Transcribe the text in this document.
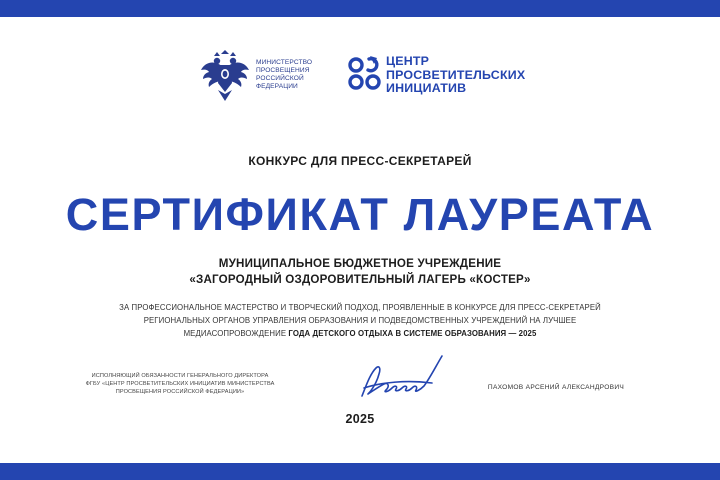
МИНИСТЕРСТВО
ПРОСВЕЩЕНИЯ
РОССИЙСКОЙ
ФЕДЕРАЦИИ
ЦЕНТР
ПРОСВЕТИТЕЛЬСКИХ
ИНИЦИАТИВ
КОНКУРС ДЛЯ ПРЕСС-СЕКРЕТАРЕЙ
СЕРТИФИКАТ ЛАУРЕАТА
МУНИЦИПАЛЬНОЕ БЮДЖЕТНОЕ УЧРЕЖДЕНИЕ
«ЗАГОРОДНЫЙ ОЗДОРОВИТЕЛЬНЫЙ ЛАГЕРЬ «КОСТЕР»
ЗА ПРОФЕССИОНАЛЬНОЕ МАСТЕРСТВО И ТВОРЧЕСКИЙ ПОДХОД, ПРОЯВЛЕННЫЕ В КОНКУРСЕ ДЛЯ ПРЕСС-СЕКРЕТАРЕЙ
РЕГИОНАЛЬНЫХ ОРГАНОВ УПРАВЛЕНИЯ ОБРАЗОВАНИЯ И ПОДВЕДОМСТВЕННЫХ УЧРЕЖДЕНИЙ НА ЛУЧШЕЕ
МЕДИАСОПРОВОЖДЕНИЕ ГОДА ДЕТСКОГО ОТДЫХА В СИСТЕМЕ ОБРАЗОВАНИЯ — 2025
ИСПОЛНЯЮЩИЙ ОБЯЗАННОСТИ ГЕНЕРАЛЬНОГО ДИРЕКТОРА
ФГБУ «ЦЕНТР ПРОСВЕТИТЕЛЬСКИХ ИНИЦИАТИВ МИНИСТЕРСТВА
ПРОСВЕЩЕНИЯ РОССИЙСКОЙ ФЕДЕРАЦИИ»
ПАХОМОВ АРСЕНИЙ АЛЕКСАНДРОВИЧ
2025
